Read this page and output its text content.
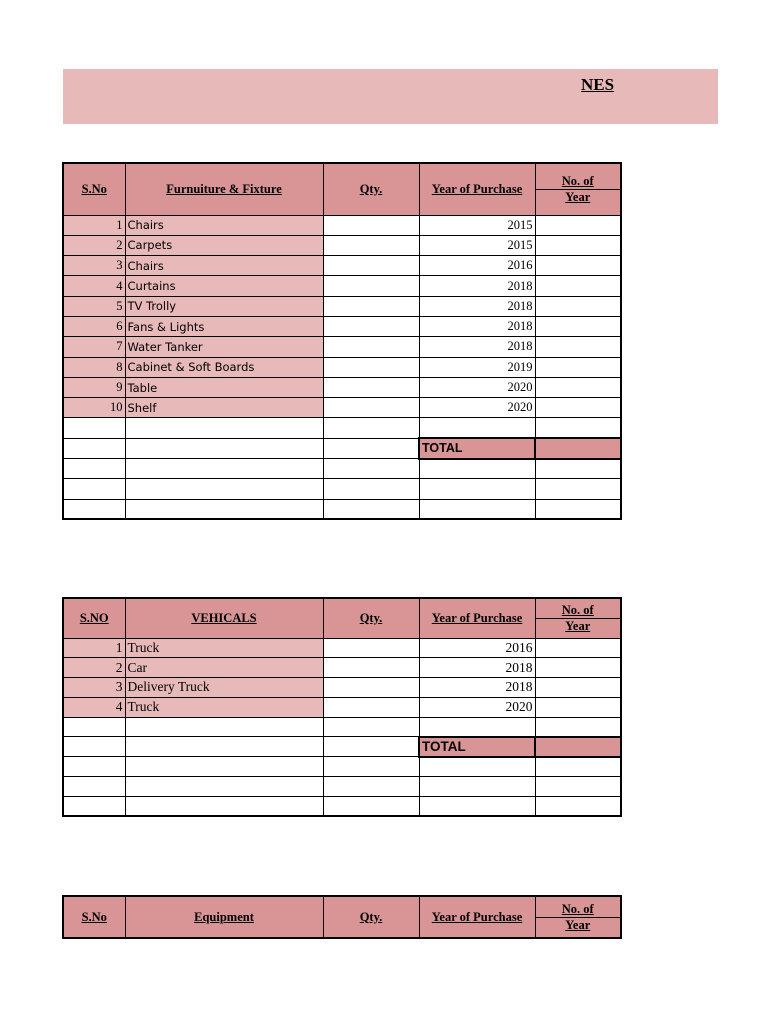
NES
S.No	Furnuiture & Fixture	Qty.	Year of Purchase	No. of
Year
1	Chairs		2015	
2	Carpets		2015	
3	Chairs		2016	
4	Curtains		2018	
5	TV Trolly		2018	
6	Fans & Lights		2018	
7	Water Tanker		2018	
8	Cabinet & Soft Boards		2019	
9	Table		2020	
10	Shelf		2020	

			TOTAL	

S.NO	VEHICALS	Qty.	Year of Purchase	No. of
Year
1	Truck		2016	
2	Car		2018	
3	Delivery Truck		2018	
4	Truck		2020	

			TOTAL	

S.No	Equipment	Qty.	Year of Purchase	
No. of
Year
